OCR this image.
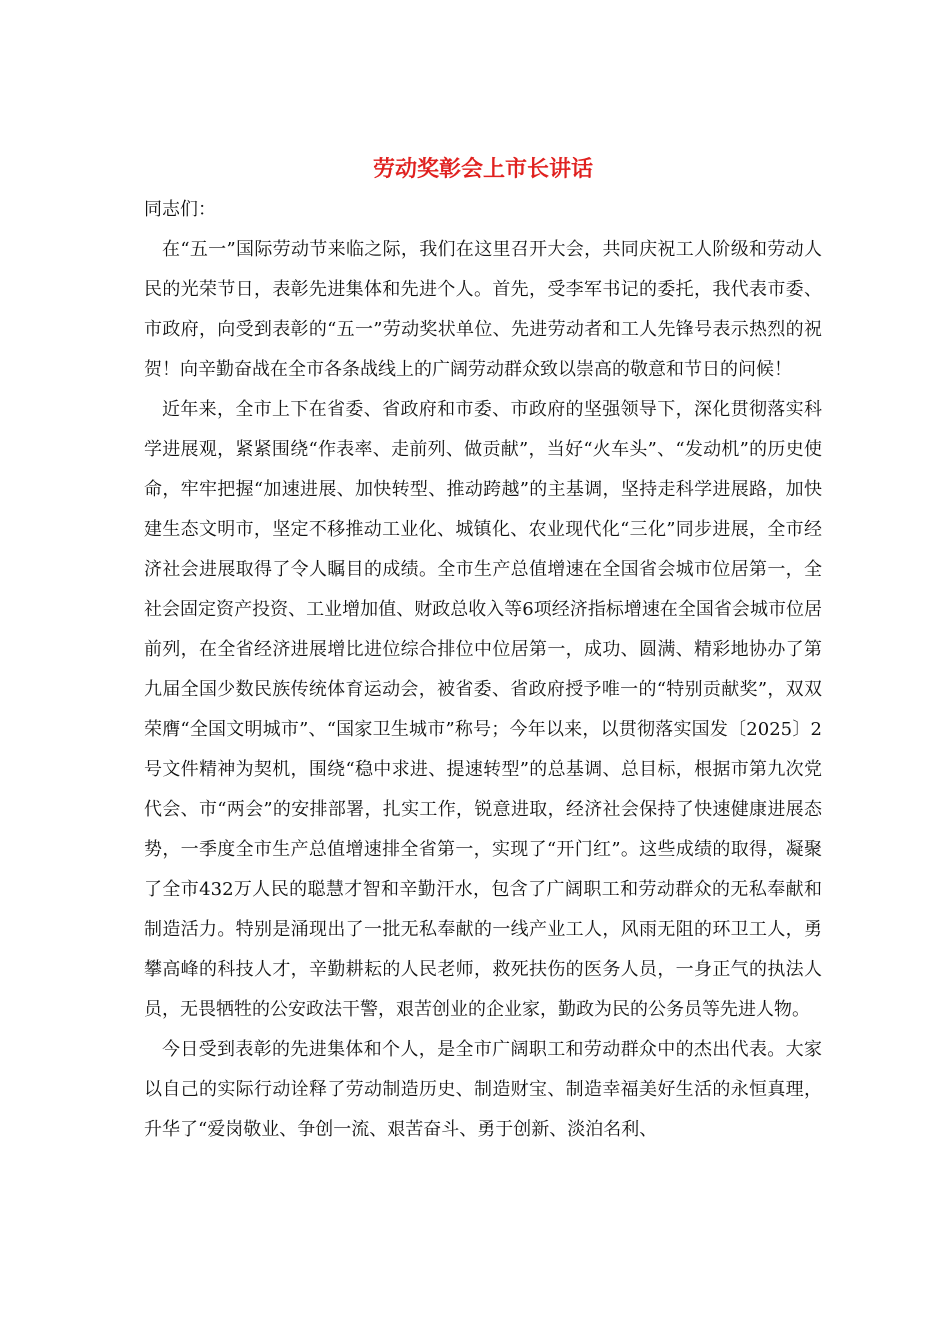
劳动奖彰会上市长讲话

同志们：

在“五一”国际劳动节来临之际，我们在这里召开大会，共同庆祝工人阶级和劳动人民的光荣节日，表彰先进集体和先进个人。首先，受李军书记的委托，我代表市委、市政府，向受到表彰的“五一”劳动奖状单位、先进劳动者和工人先锋号表示热烈的祝贺！向辛勤奋战在全市各条战线上的广阔劳动群众致以崇高的敬意和节日的问候！

近年来，全市上下在省委、省政府和市委、市政府的坚强领导下，深化贯彻落实科学进展观，紧紧围绕“作表率、走前列、做贡献”，当好“火车头”、“发动机”的历史使命，牢牢把握“加速进展、加快转型、推动跨越”的主基调，坚持走科学进展路，加快建生态文明市，坚定不移推动工业化、城镇化、农业现代化“三化”同步进展，全市经济社会进展取得了令人瞩目的成绩。全市生产总值增速在全国省会城市位居第一，全社会固定资产投资、工业增加值、财政总收入等6项经济指标增速在全国省会城市位居前列，在全省经济进展增比进位综合排位中位居第一，成功、圆满、精彩地协办了第九届全国少数民族传统体育运动会，被省委、省政府授予唯一的“特别贡献奖”，双双荣膺“全国文明城市”、“国家卫生城市”称号；今年以来，以贯彻落实国发〔2025〕2号文件精神为契机，围绕“稳中求进、提速转型”的总基调、总目标，根据市第九次党代会、市“两会”的安排部署，扎实工作，锐意进取，经济社会保持了快速健康进展态势，一季度全市生产总值增速排全省第一，实现了“开门红”。这些成绩的取得，凝聚了全市432万人民的聪慧才智和辛勤汗水，包含了广阔职工和劳动群众的无私奉献和制造活力。特别是涌现出了一批无私奉献的一线产业工人，风雨无阻的环卫工人，勇攀高峰的科技人才，辛勤耕耘的人民老师，救死扶伤的医务人员，一身正气的执法人员，无畏牺牲的公安政法干警，艰苦创业的企业家，勤政为民的公务员等先进人物。

今日受到表彰的先进集体和个人，是全市广阔职工和劳动群众中的杰出代表。大家以自己的实际行动诠释了劳动制造历史、制造财宝、制造幸福美好生活的永恒真理，升华了“爱岗敬业、争创一流、艰苦奋斗、勇于创新、淡泊名利、
